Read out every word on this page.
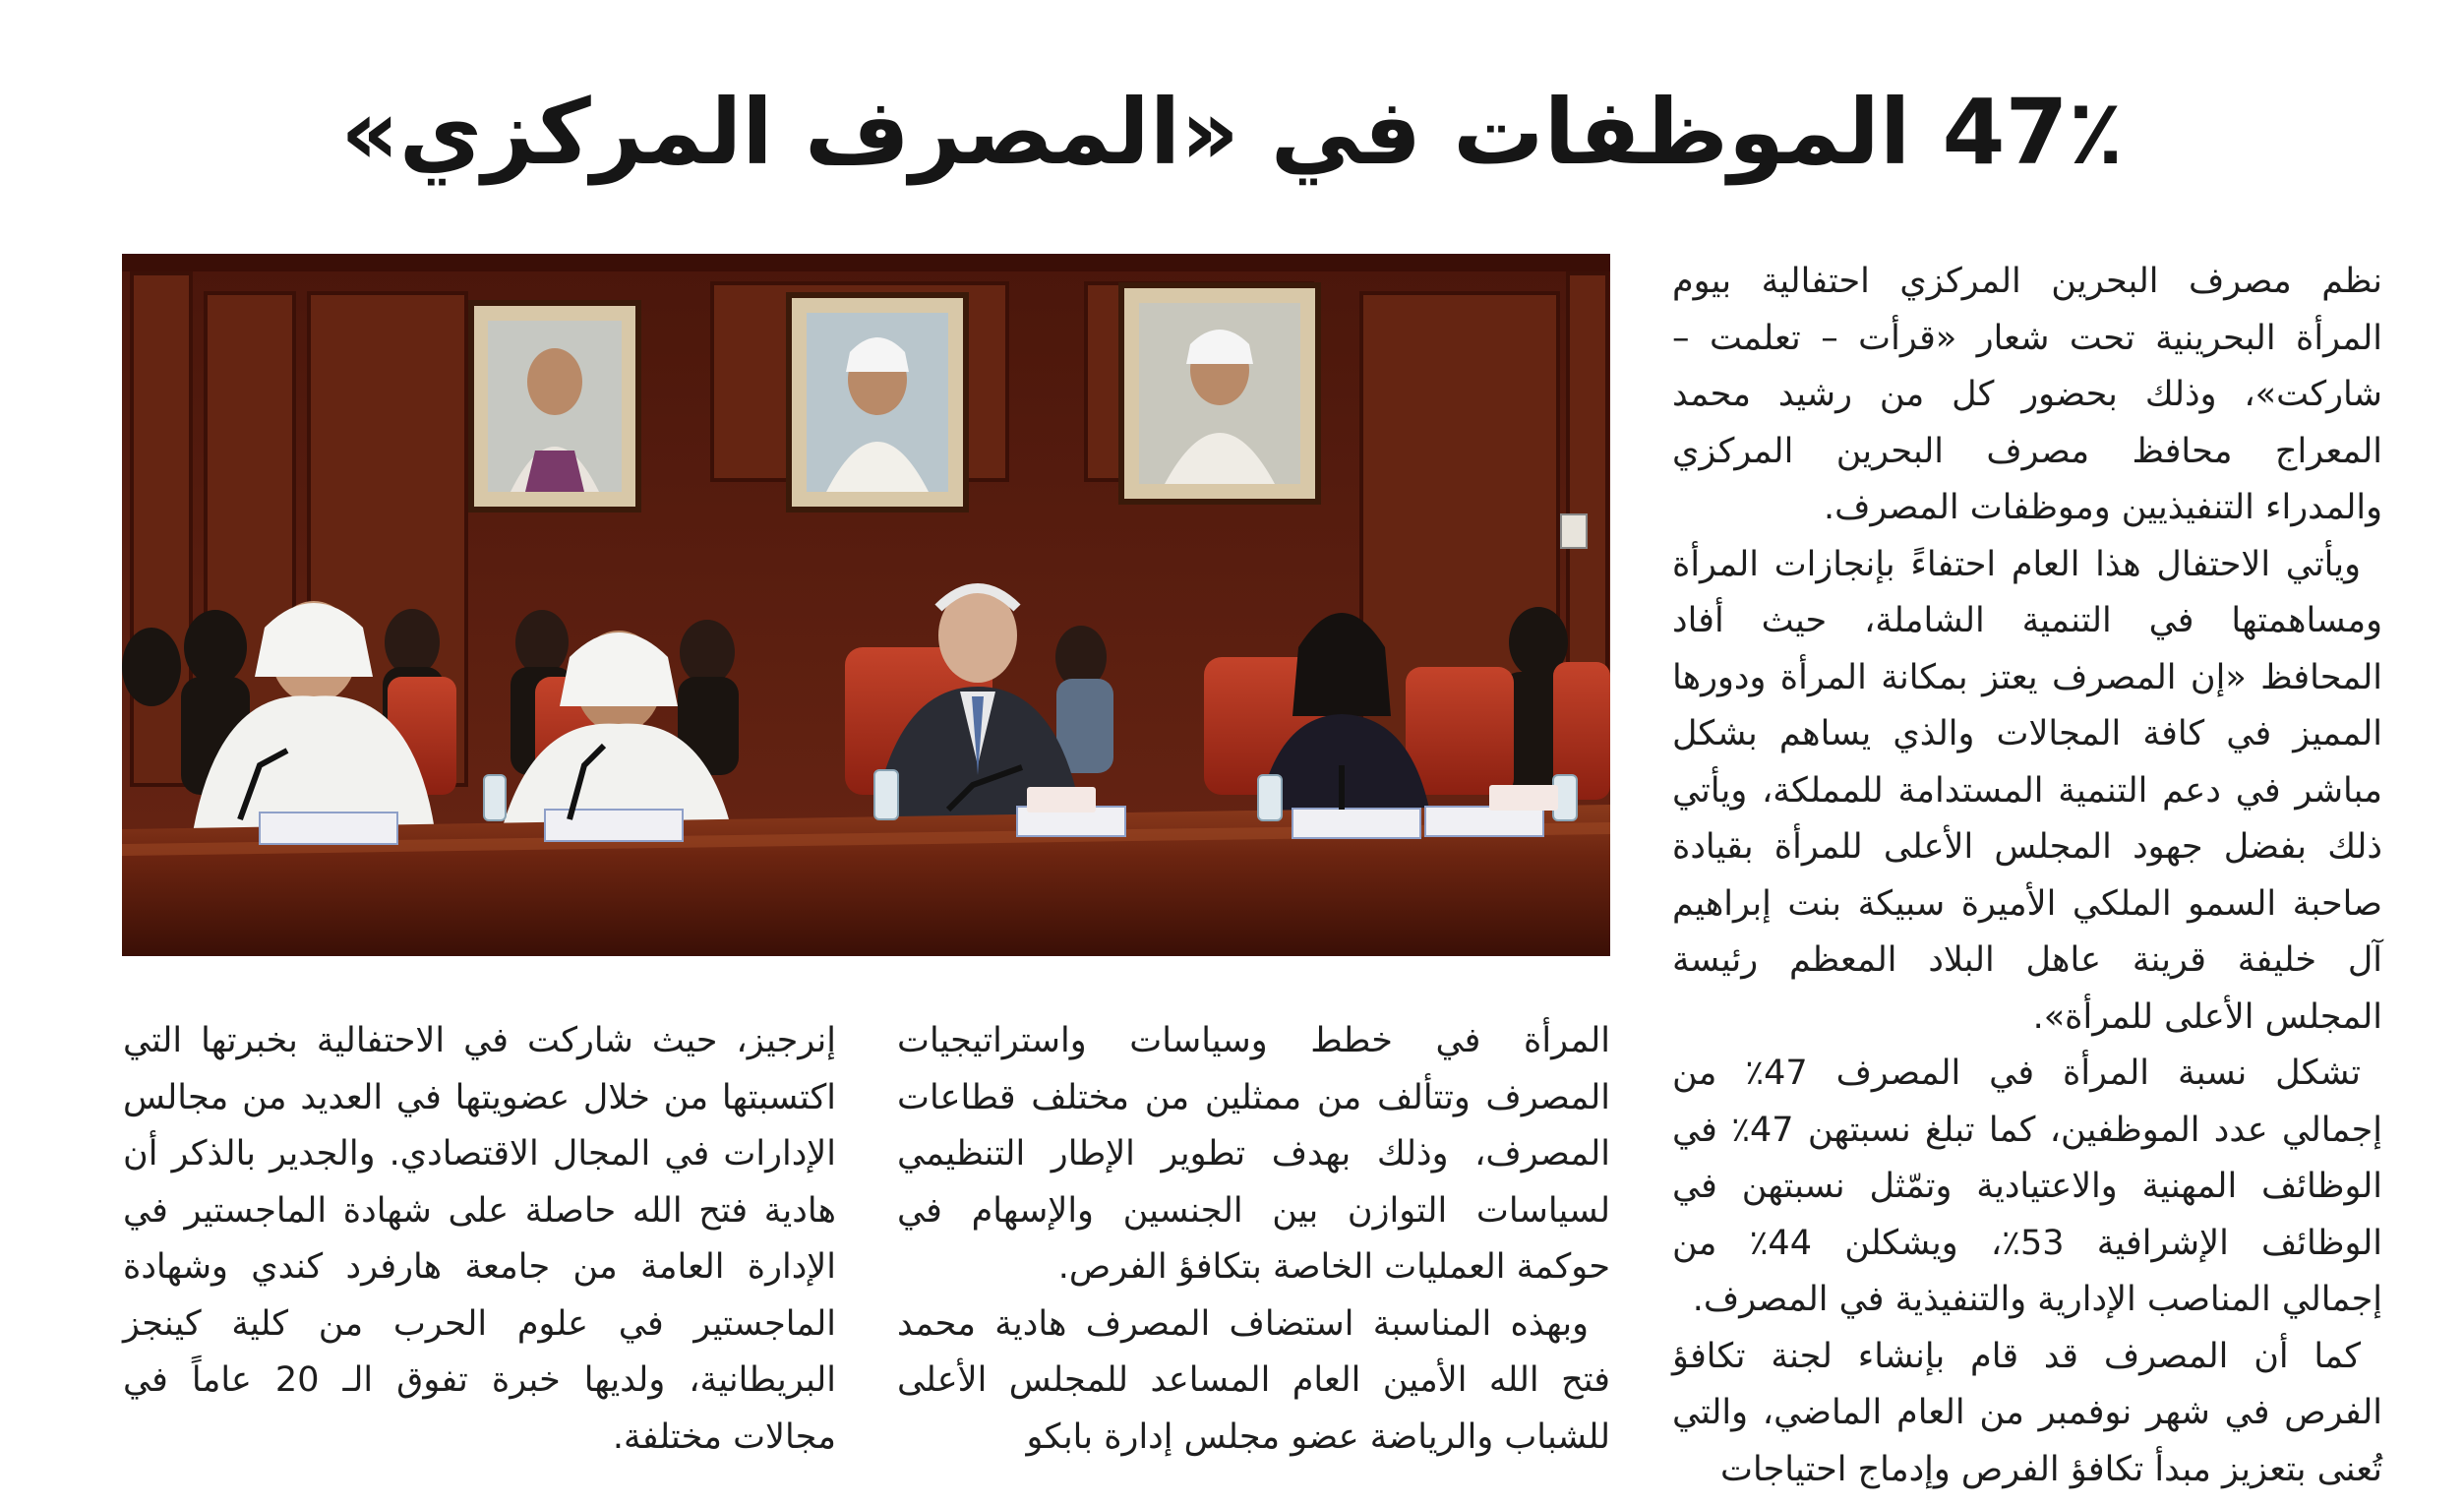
47٪ الموظفات في «المصرف المركزي»

نظم مصرف البحرين المركزي احتفالية بيوم المرأة البحرينية تحت شعار «قرأت – تعلمت – شاركت»، وذلك بحضور كل من رشيد محمد المعراج محافظ مصرف البحرين المركزي والمدراء التنفيذيين وموظفات المصرف.

ويأتي الاحتفال هذا العام احتفاءً بإنجازات المرأة ومساهمتها في التنمية الشاملة، حيث أفاد المحافظ «إن المصرف يعتز بمكانة المرأة ودورها المميز في كافة المجالات والذي يساهم بشكل مباشر في دعم التنمية المستدامة للمملكة، ويأتي ذلك بفضل جهود المجلس الأعلى للمرأة بقيادة صاحبة السمو الملكي الأميرة سبيكة بنت إبراهيم آل خليفة قرينة عاهل البلاد المعظم رئيسة المجلس الأعلى للمرأة».

تشكل نسبة المرأة في المصرف 47٪ من إجمالي عدد الموظفين، كما تبلغ نسبتهن 47٪ في الوظائف المهنية والاعتيادية وتمّثل نسبتهن في الوظائف الإشرافية 53٪، ويشكلن 44٪ من إجمالي المناصب الإدارية والتنفيذية في المصرف.

كما أن المصرف قد قام بإنشاء لجنة تكافؤ الفرص في شهر نوفمبر من العام الماضي، والتي تُعنى بتعزيز مبدأ تكافؤ الفرص وإدماج احتياجات

المرأة في خطط وسياسات واستراتيجيات المصرف وتتألف من ممثلين من مختلف قطاعات المصرف، وذلك بهدف تطوير الإطار التنظيمي لسياسات التوازن بين الجنسين والإسهام في حوكمة العمليات الخاصة بتكافؤ الفرص.

وبهذه المناسبة استضاف المصرف هادية محمد فتح الله الأمين العام المساعد للمجلس الأعلى للشباب والرياضة عضو مجلس إدارة بابكو

إنرجيز، حيث شاركت في الاحتفالية بخبرتها التي اكتسبتها من خلال عضويتها في العديد من مجالس الإدارات في المجال الاقتصادي. والجدير بالذكر أن هادية فتح الله حاصلة على شهادة الماجستير في الإدارة العامة من جامعة هارفرد كندي وشهادة الماجستير في علوم الحرب من كلية كينجز البريطانية، ولديها خبرة تفوق الـ 20 عاماً في مجالات مختلفة.
